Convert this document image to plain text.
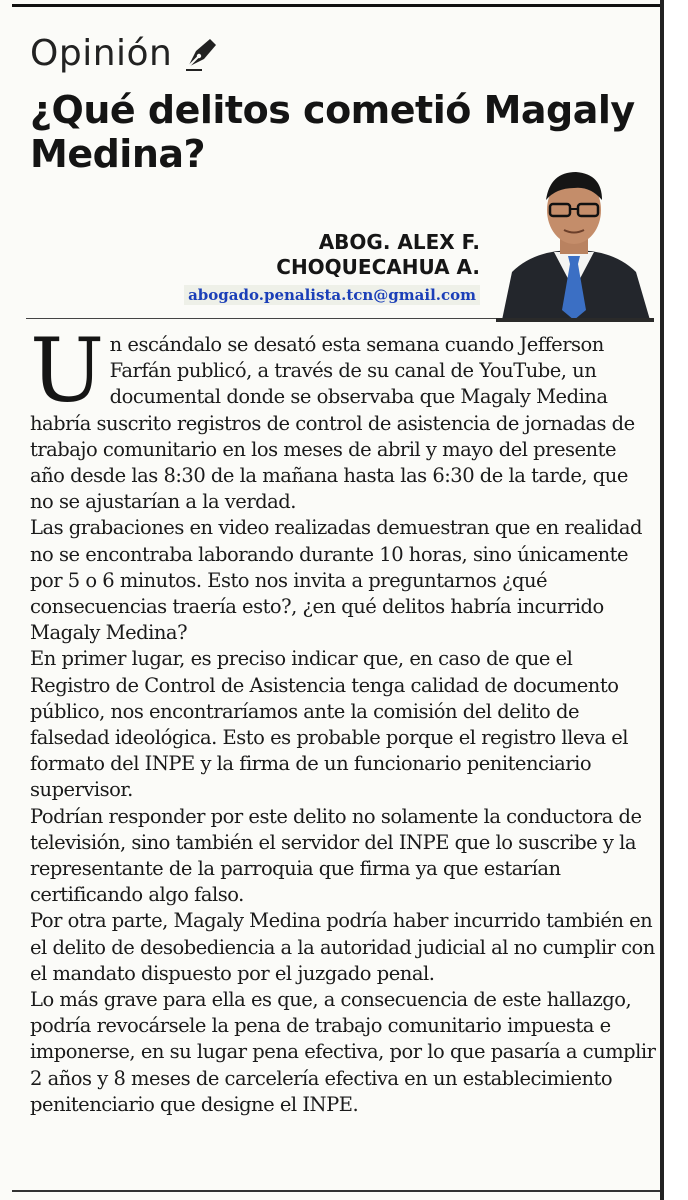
Opinión
¿Qué delitos cometió Magaly Medina?
ABOG. ALEX F.
CHOQUECAHUA A.
abogado.penalista.tcn@gmail.com

Un escándalo se desató esta semana cuando Jefferson Farfán publicó, a través de su canal de YouTube, un documental donde se observaba que Magaly Medina habría suscrito registros de control de asistencia de jornadas de trabajo comunitario en los meses de abril y mayo del presente año desde las 8:30 de la mañana hasta las 6:30 de la tarde, que no se ajustarían a la verdad.

Las grabaciones en video realizadas demuestran que en realidad no se encontraba laborando durante 10 horas, sino únicamente por 5 o 6 minutos. Esto nos invita a preguntarnos ¿qué consecuencias traería esto?, ¿en qué delitos habría incurrido Magaly Medina?

En primer lugar, es preciso indicar que, en caso de que el Registro de Control de Asistencia tenga calidad de documento público, nos encontraríamos ante la comisión del delito de falsedad ideológica. Esto es probable porque el registro lleva el formato del INPE y la firma de un funcionario penitenciario supervisor.

Podrían responder por este delito no solamente la conductora de televisión, sino también el servidor del INPE que lo suscribe y la representante de la parroquia que firma ya que estarían certificando algo falso.

Por otra parte, Magaly Medina podría haber incurrido también en el delito de desobediencia a la autoridad judicial al no cumplir con el mandato dispuesto por el juzgado penal.

Lo más grave para ella es que, a consecuencia de este hallazgo, podría revocársele la pena de trabajo comunitario impuesta e imponerse, en su lugar pena efectiva, por lo que pasaría a cumplir 2 años y 8 meses de carcelería efectiva en un establecimiento penitenciario que designe el INPE.
